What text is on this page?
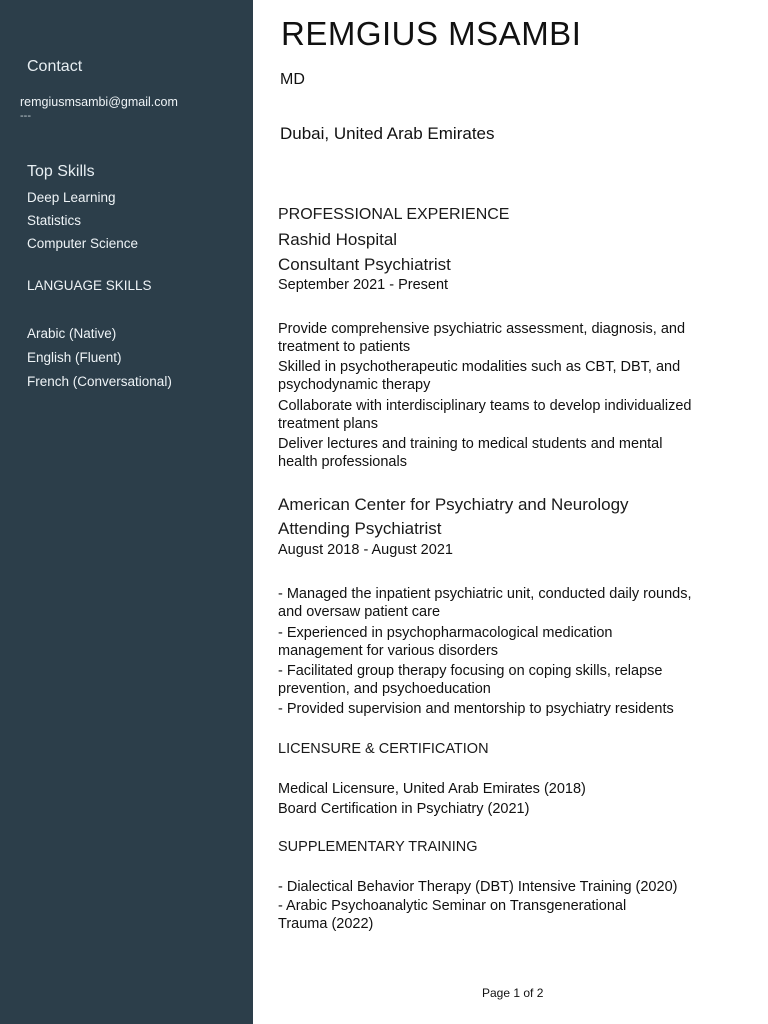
Contact
remgiusmsambi@gmail.com
---
Top Skills
Deep Learning
Statistics
Computer Science
LANGUAGE SKILLS
Arabic (Native)
English (Fluent)
French (Conversational)
REMGIUS MSAMBI
MD
Dubai, United Arab Emirates
PROFESSIONAL EXPERIENCE
Rashid Hospital
Consultant Psychiatrist
September 2021 - Present
Provide comprehensive psychiatric assessment, diagnosis, and treatment to patients
Skilled in psychotherapeutic modalities such as CBT, DBT, and psychodynamic therapy
Collaborate with interdisciplinary teams to develop individualized treatment plans
Deliver lectures and training to medical students and mental health professionals
American Center for Psychiatry and Neurology
Attending Psychiatrist
August 2018 - August 2021
- Managed the inpatient psychiatric unit, conducted daily rounds, and oversaw patient care
- Experienced in psychopharmacological medication management for various disorders
- Facilitated group therapy focusing on coping skills, relapse prevention, and psychoeducation
- Provided supervision and mentorship to psychiatry residents
LICENSURE & CERTIFICATION
Medical Licensure, United Arab Emirates (2018)
Board Certification in Psychiatry (2021)
SUPPLEMENTARY TRAINING
- Dialectical Behavior Therapy (DBT) Intensive Training (2020)
- Arabic Psychoanalytic Seminar on Transgenerational Trauma (2022)
Page 1 of 2
